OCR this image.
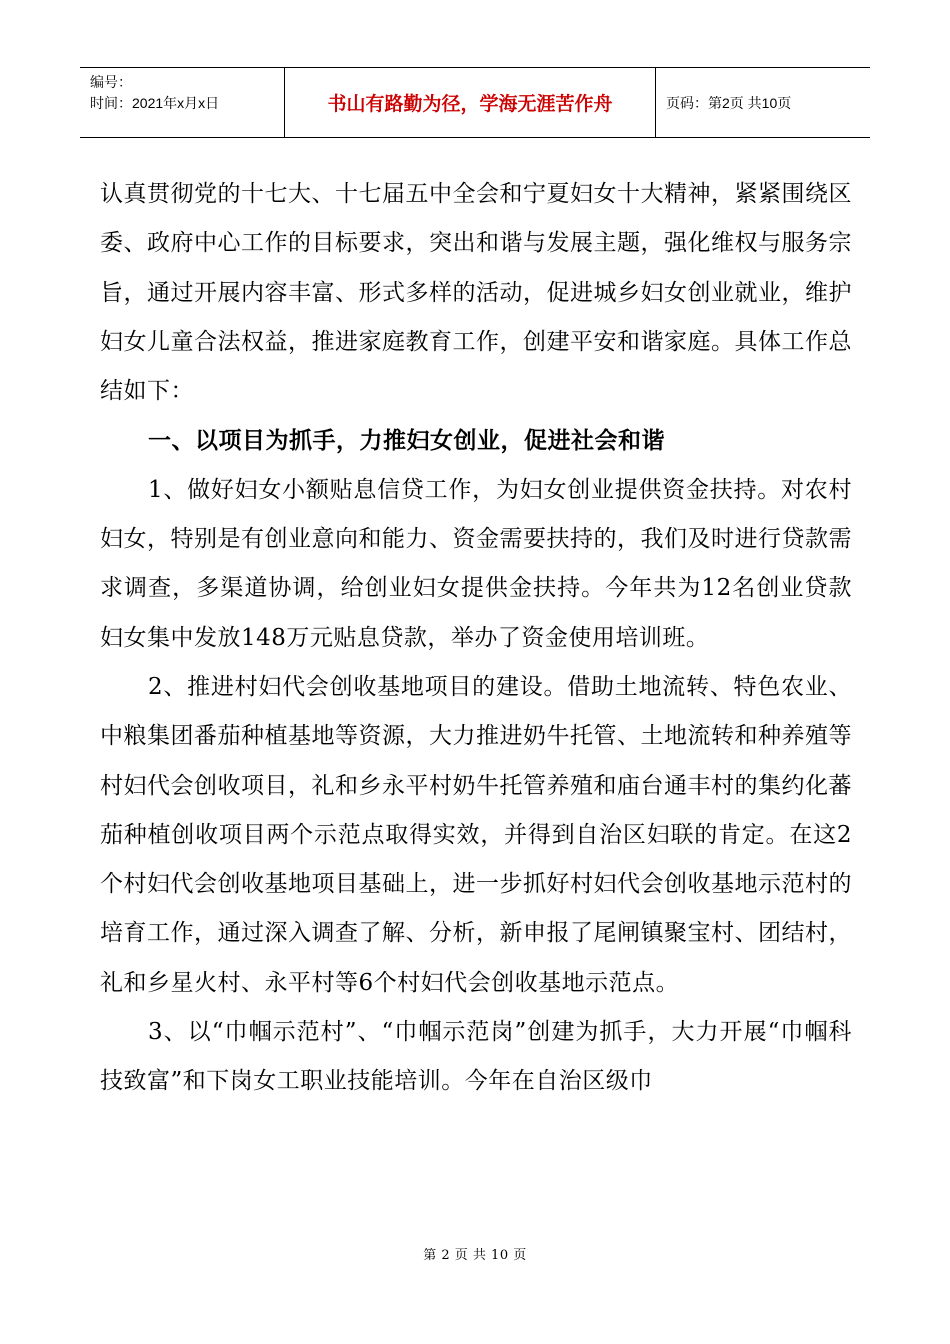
编号：
时间：2021年x月x日	书山有路勤为径，学海无涯苦作舟	页码：第2页 共10页

认真贯彻党的十七大、十七届五中全会和宁夏妇女十大精神，紧紧围绕区委、政府中心工作的目标要求，突出和谐与发展主题，强化维权与服务宗旨，通过开展内容丰富、形式多样的活动，促进城乡妇女创业就业，维护妇女儿童合法权益，推进家庭教育工作，创建平安和谐家庭。具体工作总结如下：

一、以项目为抓手，力推妇女创业，促进社会和谐

1、做好妇女小额贴息信贷工作，为妇女创业提供资金扶持。对农村妇女，特别是有创业意向和能力、资金需要扶持的，我们及时进行贷款需求调查，多渠道协调，给创业妇女提供金扶持。今年共为12名创业贷款妇女集中发放148万元贴息贷款，举办了资金使用培训班。

2、推进村妇代会创收基地项目的建设。借助土地流转、特色农业、中粮集团番茄种植基地等资源，大力推进奶牛托管、土地流转和种养殖等村妇代会创收项目，礼和乡永平村奶牛托管养殖和庙台通丰村的集约化蕃茄种植创收项目两个示范点取得实效，并得到自治区妇联的肯定。在这2个村妇代会创收基地项目基础上，进一步抓好村妇代会创收基地示范村的培育工作，通过深入调查了解、分析，新申报了尾闸镇聚宝村、团结村，礼和乡星火村、永平村等6个村妇代会创收基地示范点。

3、以“巾帼示范村”、“巾帼示范岗”创建为抓手，大力开展“巾帼科技致富”和下岗女工职业技能培训。今年在自治区级巾

第 2 页 共 10 页
